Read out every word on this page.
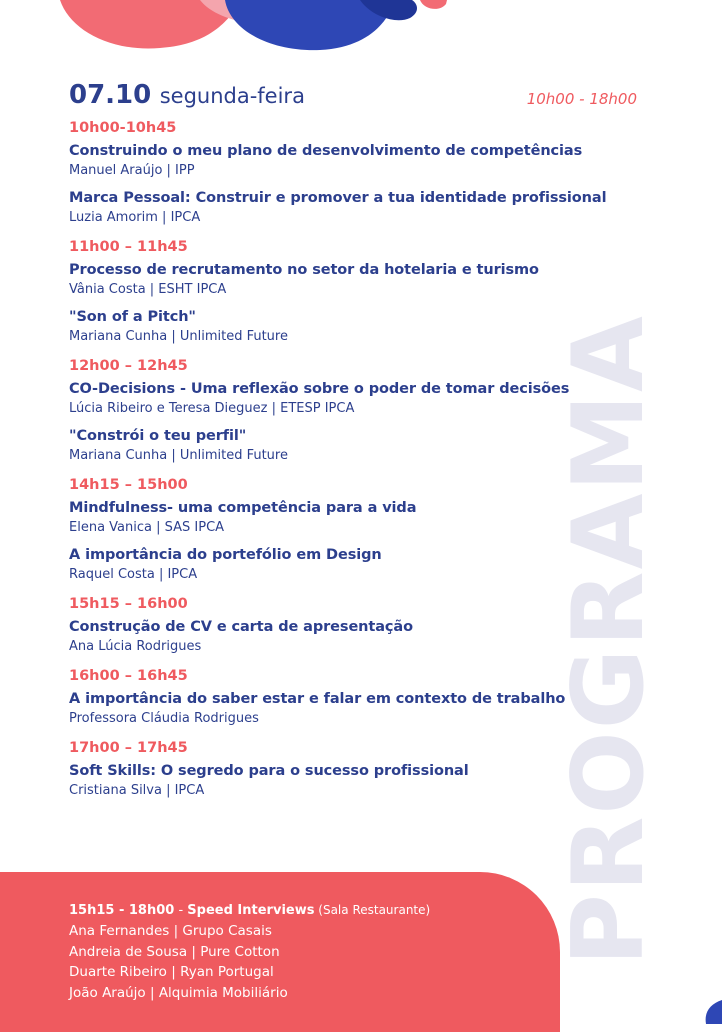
07.10 segunda-feira	10h00 - 18h00
10h00-10h45
Construindo o meu plano de desenvolvimento de competências
Manuel Araújo | IPP
Marca Pessoal: Construir e promover a tua identidade profissional
Luzia Amorim | IPCA
11h00 – 11h45
Processo de recrutamento no setor da hotelaria e turismo
Vânia Costa | ESHT IPCA
"Son of a Pitch"
Mariana Cunha | Unlimited Future
12h00 – 12h45
CO-Decisions - Uma reflexão sobre o poder de tomar decisões
Lúcia Ribeiro e Teresa Dieguez | ETESP IPCA
"Constrói o teu perfil"
Mariana Cunha | Unlimited Future
14h15 – 15h00
Mindfulness- uma competência para a vida
Elena Vanica | SAS IPCA
A importância do portefólio em Design
Raquel Costa | IPCA
15h15 – 16h00
Construção de CV e carta de apresentação
Ana Lúcia Rodrigues
16h00 – 16h45
A importância do saber estar e falar em contexto de trabalho
Professora Cláudia Rodrigues
17h00 – 17h45
Soft Skills: O segredo para o sucesso profissional
Cristiana Silva | IPCA	PROGRAMA
15h15 - 18h00 - Speed Interviews (Sala Restaurante)
Ana Fernandes | Grupo Casais
Andreia de Sousa | Pure Cotton
Duarte Ribeiro | Ryan Portugal
João Araújo | Alquimia Mobiliário
